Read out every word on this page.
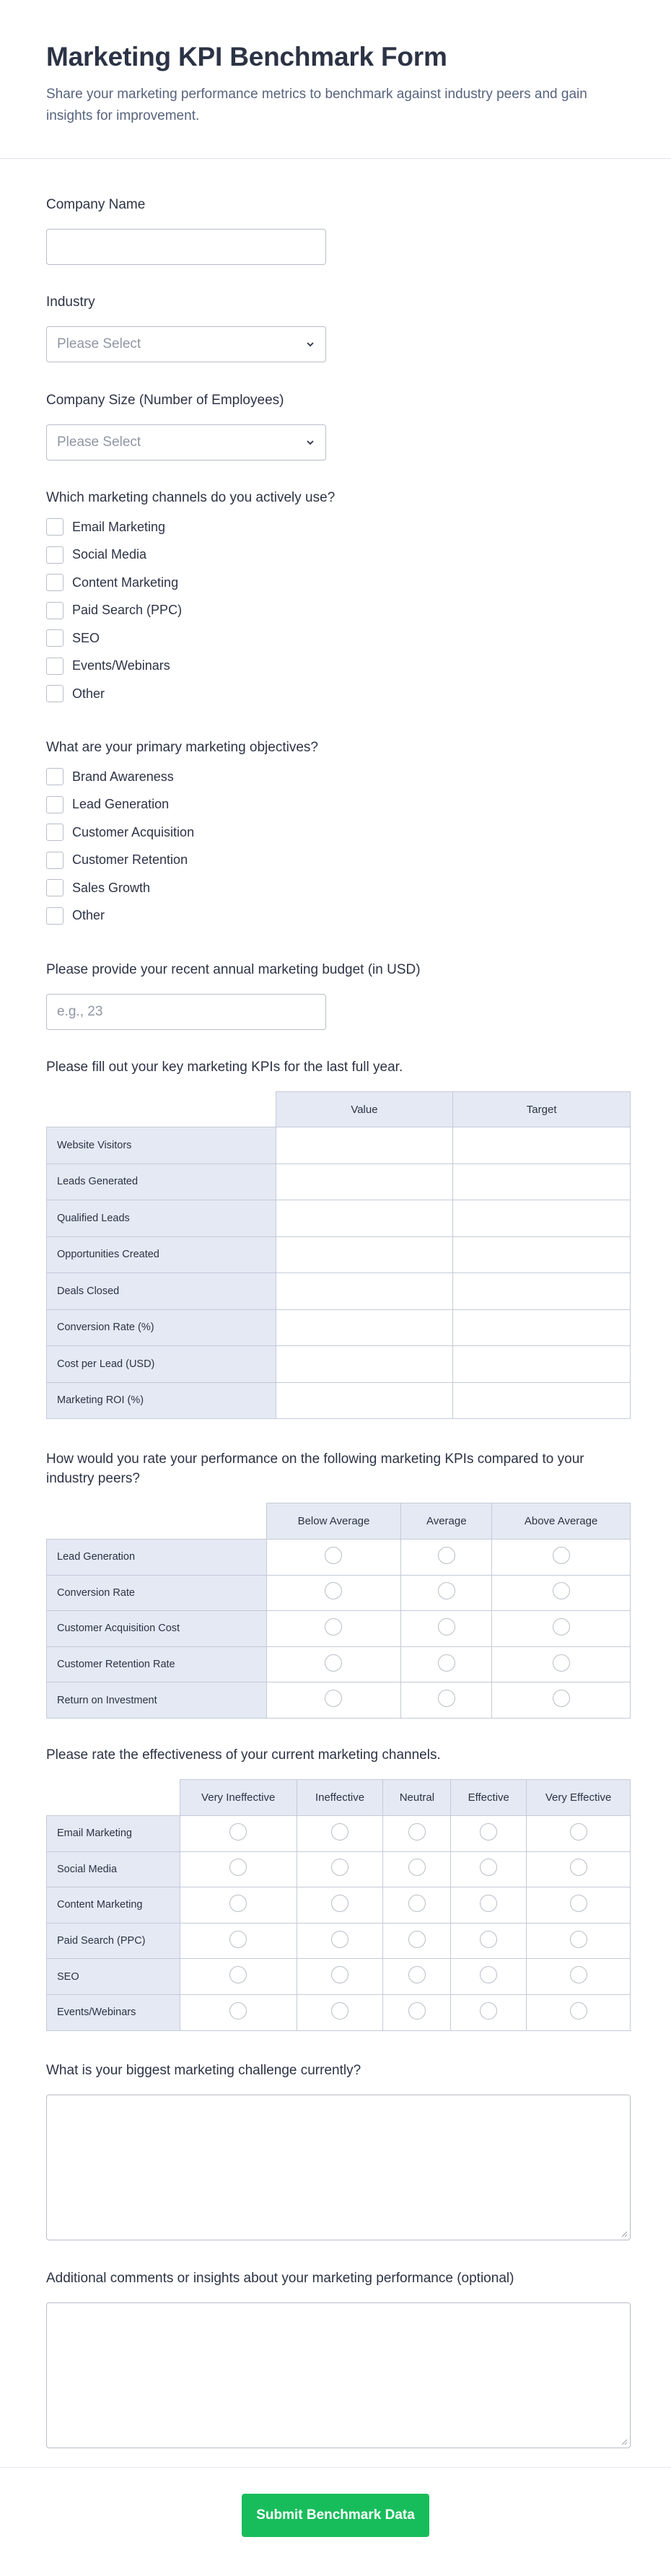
Marketing KPI Benchmark Form

Share your marketing performance metrics to benchmark against industry peers and gain insights for improvement.

Company Name
Industry
Please Select
Company Size (Number of Employees)
Please Select
Which marketing channels do you actively use?
Email Marketing
Social Media
Content Marketing
Paid Search (PPC)
SEO
Events/Webinars
Other
What are your primary marketing objectives?
Brand Awareness
Lead Generation
Customer Acquisition
Customer Retention
Sales Growth
Other
Please provide your recent annual marketing budget (in USD)
e.g., 23
Please fill out your key marketing KPIs for the last full year.
	Value	Target
Website Visitors		
Leads Generated		
Qualified Leads		
Opportunities Created		
Deals Closed		
Conversion Rate (%)		
Cost per Lead (USD)		
Marketing ROI (%)		
How would you rate your performance on the following marketing KPIs compared to your industry peers?
	Below Average	Average	Above Average
Lead Generation			
Conversion Rate			
Customer Acquisition Cost			
Customer Retention Rate			
Return on Investment			
Please rate the effectiveness of your current marketing channels.
	Very Ineffective	Ineffective	Neutral	Effective	Very Effective
Email Marketing					
Social Media					
Content Marketing					
Paid Search (PPC)					
SEO					
Events/Webinars					
What is your biggest marketing challenge currently?
Additional comments or insights about your marketing performance (optional)
Submit Benchmark Data
